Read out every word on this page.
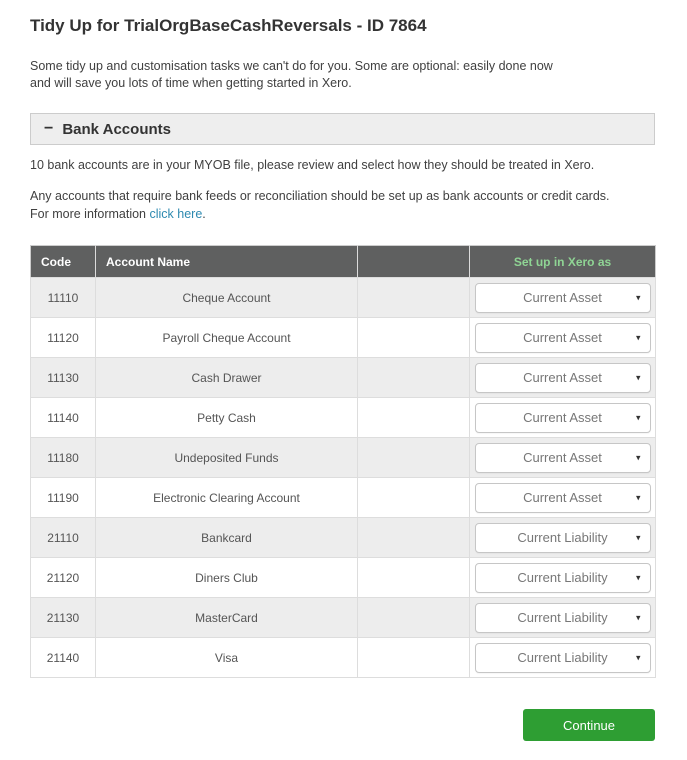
Tidy Up for TrialOrgBaseCashReversals - ID 7864
Some tidy up and customisation tasks we can't do for you. Some are optional: easily done now
and will save you lots of time when getting started in Xero.
− Bank Accounts
10 bank accounts are in your MYOB file, please review and select how they should be treated in Xero.
Any accounts that require bank feeds or reconciliation should be set up as bank accounts or credit cards.
For more information click here.
Code	Account Name		Set up in Xero as
11110	Cheque Account		Current Asset ▾

11120	Payroll Cheque Account		Current Asset ▾

11130	Cash Drawer		Current Asset ▾

11140	Petty Cash		Current Asset ▾

11180	Undeposited Funds		Current Asset ▾

11190	Electronic Clearing Account		Current Asset ▾

21110	Bankcard		Current Liability ▾

21120	Diners Club		Current Liability ▾

21130	MasterCard		Current Liability ▾

21140	Visa		Current Liability ▾
Continue
